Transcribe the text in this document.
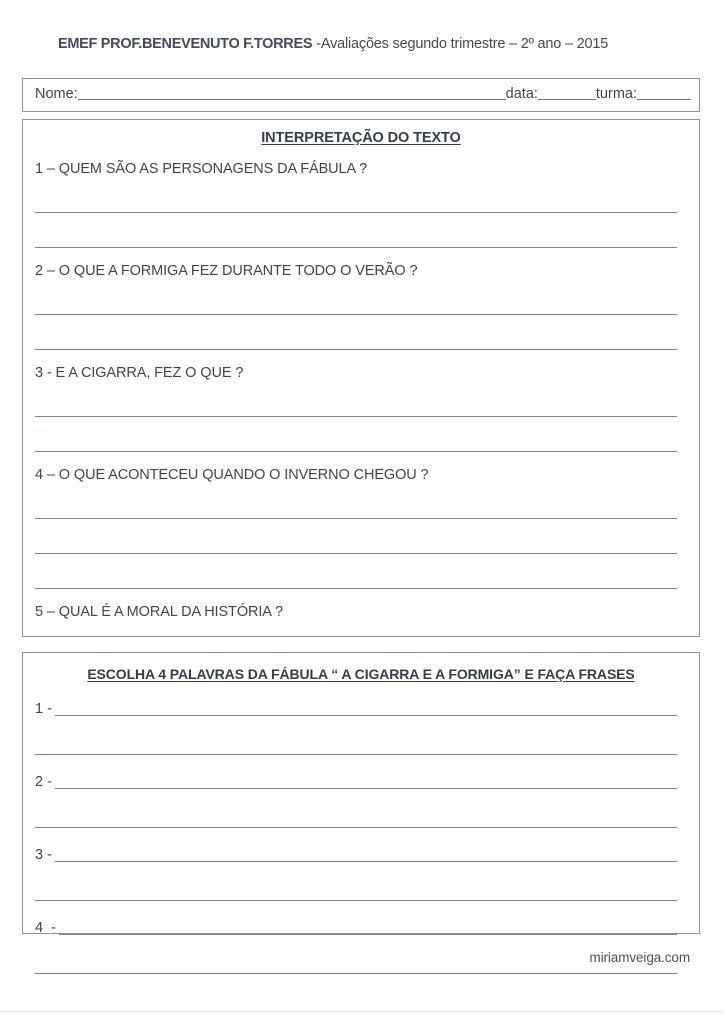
EMEF PROF.BENEVENUTO F.TORRES -Avaliações segundo trimestre – 2º ano – 2015
Nome:	data:	turma:
INTERPRETAÇÃO DO TEXTO
1 – QUEM SÃO AS PERSONAGENS DA FÁBULA ?
2 – O QUE A FORMIGA FEZ DURANTE TODO O VERÃO ?
3 - E A CIGARRA, FEZ O QUE ?
4 – O QUE ACONTECEU QUANDO O INVERNO CHEGOU ?
5 – QUAL É A MORAL DA HISTÓRIA ?
ESCOLHA 4 PALAVRAS DA FÁBULA “ A CIGARRA E A FORMIGA” E FAÇA FRASES
1 -
2 -
3 -
4  -
miriamveiga.com
